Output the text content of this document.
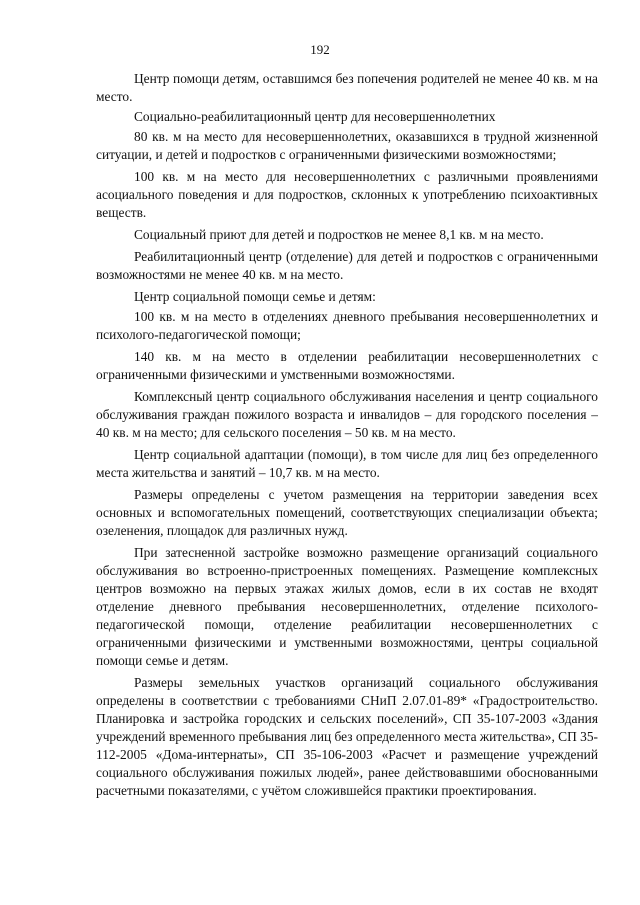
192

Центр помощи детям, оставшимся без попечения родителей не менее 40 кв. м на место.

Социально-реабилитационный центр для несовершеннолетних

80 кв. м на место для несовершеннолетних, оказавшихся в трудной жизненной ситуации, и детей и подростков с ограниченными физическими возможностями;

100 кв. м на место для несовершеннолетних с различными проявлениями асоциального поведения и для подростков, склонных к употреблению психоактивных веществ.

Социальный приют для детей и подростков не менее 8,1 кв. м на место.

Реабилитационный центр (отделение) для детей и подростков с ограниченными возможностями не менее 40 кв. м на место.

Центр социальной помощи семье и детям:

100 кв. м на место в отделениях дневного пребывания несовершеннолетних и психолого-педагогической помощи;

140 кв. м на место в отделении реабилитации несовершеннолетних с ограниченными физическими и умственными возможностями.

Комплексный центр социального обслуживания населения и центр социального обслуживания граждан пожилого возраста и инвалидов – для городского поселения – 40 кв. м на место; для сельского поселения – 50 кв. м на место.

Центр социальной адаптации (помощи), в том числе для лиц без определенного места жительства и занятий – 10,7 кв. м на место.

Размеры определены с учетом размещения на территории заведения всех основных и вспомогательных помещений, соответствующих специализации объекта; озеленения, площадок для различных нужд.

При затесненной застройке возможно размещение организаций социального обслуживания во встроенно-пристроенных помещениях. Размещение комплексных центров возможно на первых этажах жилых домов, если в их состав не входят отделение дневного пребывания несовершеннолетних, отделение психолого-педагогической помощи, отделение реабилитации несовершеннолетних с ограниченными физическими и умственными возможностями, центры социальной помощи семье и детям.

Размеры земельных участков организаций социального обслуживания определены в соответствии с требованиями СНиП 2.07.01-89* «Градостроительство. Планировка и застройка городских и сельских поселений», СП 35-107-2003 «Здания учреждений временного пребывания лиц без определенного места жительства», СП 35-112-2005 «Дома-интернаты», СП 35-106-2003 «Расчет и размещение учреждений социального обслуживания пожилых людей», ранее действовавшими обоснованными расчетными показателями, с учётом сложившейся практики проектирования.
